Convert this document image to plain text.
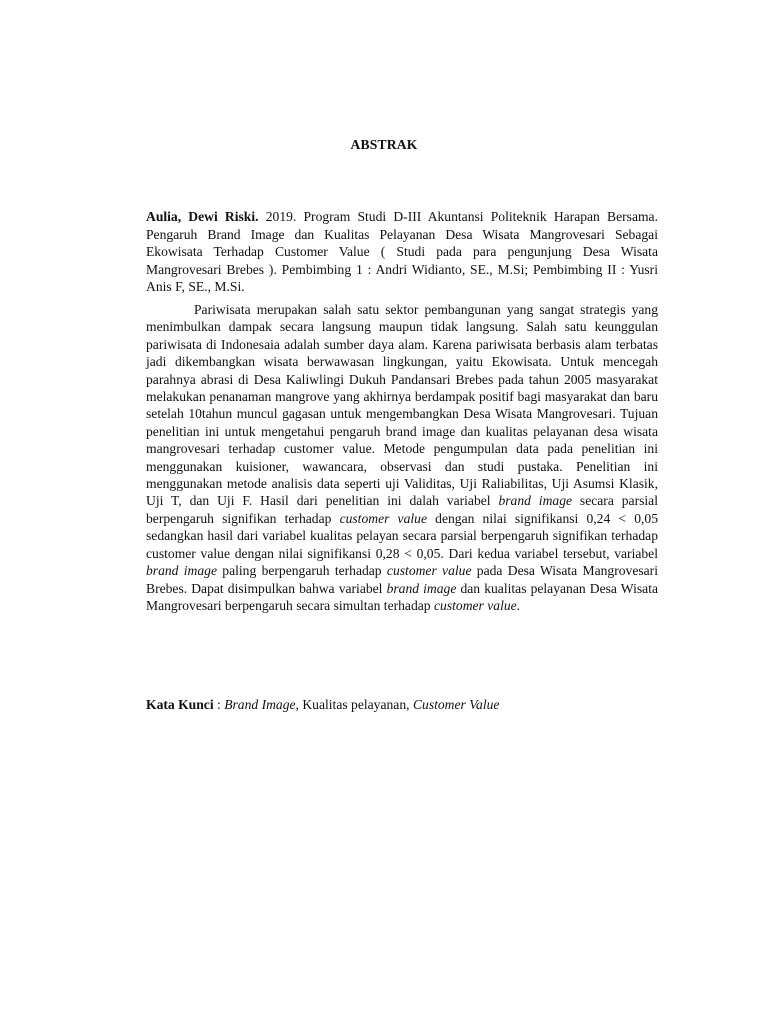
ABSTRAK
Aulia, Dewi Riski. 2019. Program Studi D-III Akuntansi Politeknik Harapan Bersama. Pengaruh Brand Image dan Kualitas Pelayanan Desa Wisata Mangrovesari Sebagai Ekowisata Terhadap Customer Value ( Studi pada para pengunjung Desa Wisata Mangrovesari Brebes ). Pembimbing 1 : Andri Widianto, SE., M.Si; Pembimbing II : Yusri Anis F, SE., M.Si.
Pariwisata merupakan salah satu sektor pembangunan yang sangat strategis yang menimbulkan dampak secara langsung maupun tidak langsung. Salah satu keunggulan pariwisata di Indonesaia adalah sumber daya alam. Karena pariwisata berbasis alam terbatas jadi dikembangkan wisata berwawasan lingkungan, yaitu Ekowisata. Untuk mencegah parahnya abrasi di Desa Kaliwlingi Dukuh Pandansari Brebes pada tahun 2005 masyarakat melakukan penanaman mangrove yang akhirnya berdampak positif bagi masyarakat dan baru setelah 10tahun muncul gagasan untuk mengembangkan Desa Wisata Mangrovesari. Tujuan penelitian ini untuk mengetahui pengaruh brand image dan kualitas pelayanan desa wisata mangrovesari terhadap customer value. Metode pengumpulan data pada penelitian ini menggunakan kuisioner, wawancara, observasi dan studi pustaka. Penelitian ini menggunakan metode analisis data seperti uji Validitas, Uji Raliabilitas, Uji Asumsi Klasik, Uji T, dan Uji F. Hasil dari penelitian ini dalah variabel brand image secara parsial berpengaruh signifikan terhadap customer value dengan nilai signifikansi 0,24 < 0,05 sedangkan hasil dari variabel kualitas pelayan secara parsial berpengaruh signifikan terhadap customer value dengan nilai signifikansi 0,28 < 0,05. Dari kedua variabel tersebut, variabel brand image paling berpengaruh terhadap customer value pada Desa Wisata Mangrovesari Brebes. Dapat disimpulkan bahwa variabel brand image dan kualitas pelayanan Desa Wisata Mangrovesari berpengaruh secara simultan terhadap customer value.
Kata Kunci : Brand Image, Kualitas pelayanan, Customer Value
